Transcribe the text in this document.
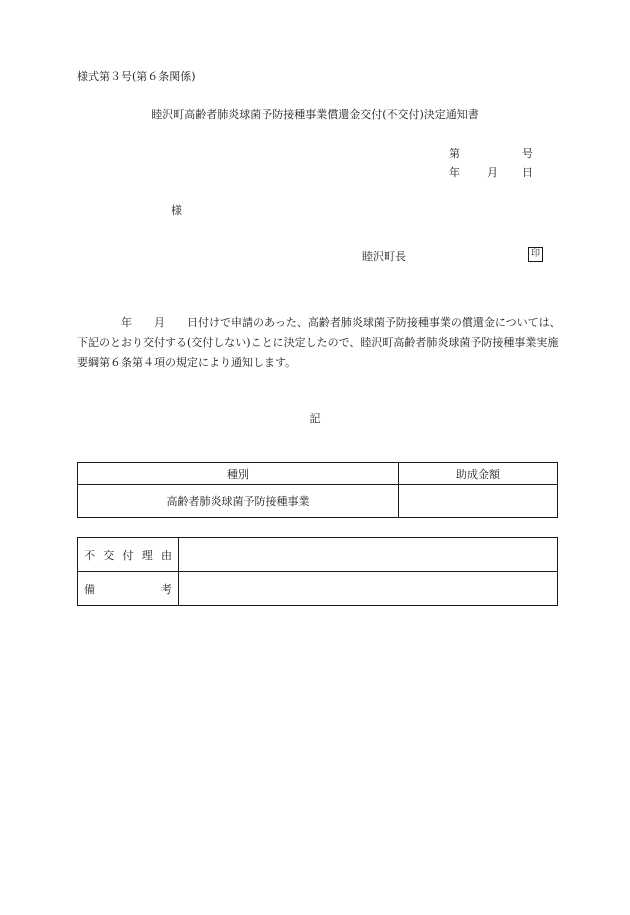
様式第３号(第６条関係)
睦沢町高齢者肺炎球菌予防接種事業償還金交付(不交付)決定通知書
第	号
年 月 日
様
睦沢町長	印
　　　　年　　月　　日付けで申請のあった、高齢者肺炎球菌予防接種事業の償還金については、下記のとおり交付する(交付しない)ことに決定したので、睦沢町高齢者肺炎球菌予防接種事業実施要綱第６条第４項の規定により通知します。
記
種別	助成金額
高齢者肺炎球菌予防接種事業	
不交付理由	
備考	
